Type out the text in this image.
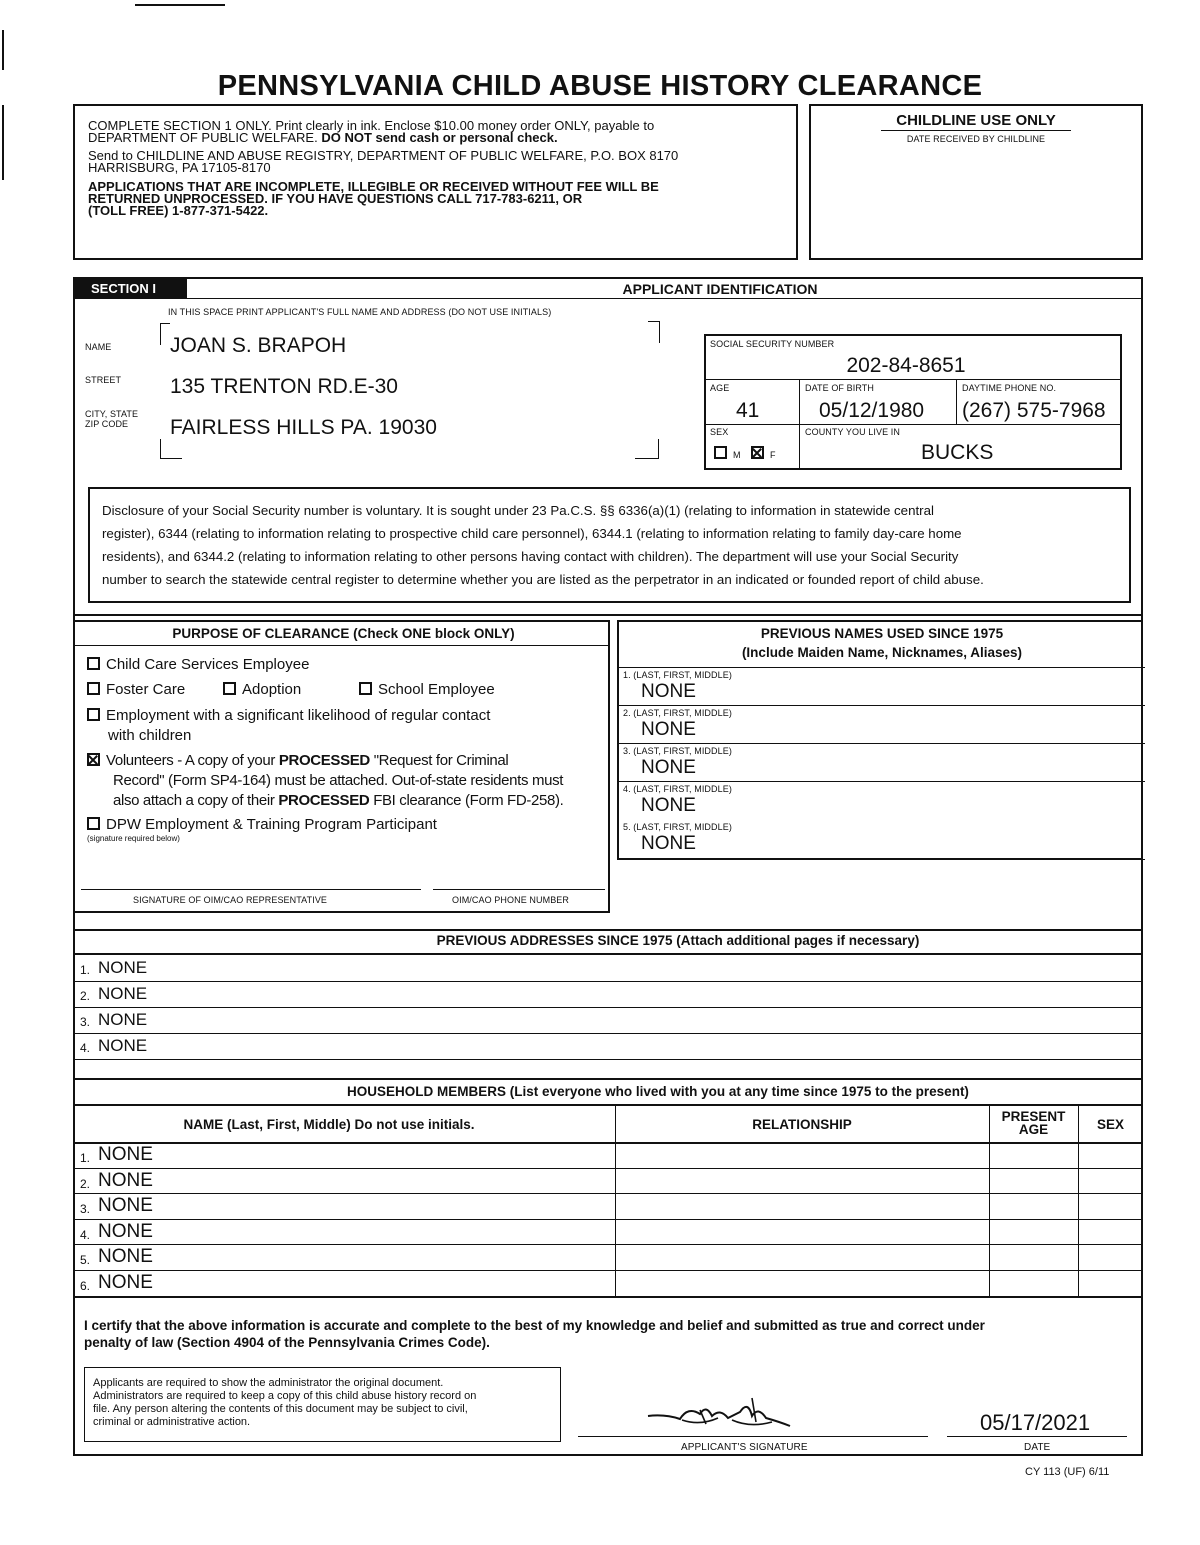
PENNSYLVANIA CHILD ABUSE HISTORY CLEARANCE
COMPLETE SECTION 1 ONLY. Print clearly in ink. Enclose $10.00 money order ONLY, payable to
DEPARTMENT OF PUBLIC WELFARE. DO NOT send cash or personal check.
Send to CHILDLINE AND ABUSE REGISTRY, DEPARTMENT OF PUBLIC WELFARE, P.O. BOX 8170
HARRISBURG, PA 17105-8170
APPLICATIONS THAT ARE INCOMPLETE, ILLEGIBLE OR RECEIVED WITHOUT FEE WILL BE
RETURNED UNPROCESSED. IF YOU HAVE QUESTIONS CALL 717-783-6211, OR
(TOLL FREE) 1-877-371-5422.
CHILDLINE USE ONLY
DATE RECEIVED BY CHILDLINE
SECTION I	APPLICANT IDENTIFICATION
IN THIS SPACE PRINT APPLICANT'S FULL NAME AND ADDRESS (DO NOT USE INITIALS)
NAME	JOAN S. BRAPOH
STREET 135 TRENTON RD.E-30
CITY, STATE
ZIP CODE FAIRLESS HILLS PA. 19030
SOCIAL SECURITY NUMBER
202-84-8651
AGE
41
DATE OF BIRTH
05/12/1980
DAYTIME PHONE NO.
(267) 575-7968
SEX
M	F
COUNTY YOU LIVE IN
BUCKS
Disclosure of your Social Security number is voluntary. It is sought under 23 Pa.C.S. §§ 6336(a)(1) (relating to information in statewide central
register), 6344 (relating to information relating to prospective child care personnel), 6344.1 (relating to information relating to family day-care home
residents), and 6344.2 (relating to information relating to other persons having contact with children). The department will use your Social Security
number to search the statewide central register to determine whether you are listed as the perpetrator in an indicated or founded report of child abuse.
PURPOSE OF CLEARANCE (Check ONE block ONLY)
Child Care Services Employee
Foster Care	Adoption	School Employee
Employment with a significant likelihood of regular contact
with children
Volunteers - A copy of your PROCESSED "Request for Criminal
Record" (Form SP4-164) must be attached. Out-of-state residents must
also attach a copy of their PROCESSED FBI clearance (Form FD-258).
DPW Employment & Training Program Participant
(signature required below)
SIGNATURE OF OIM/CAO REPRESENTATIVE	OIM/CAO PHONE NUMBER
PREVIOUS NAMES USED SINCE 1975
(Include Maiden Name, Nicknames, Aliases)
1. (LAST, FIRST, MIDDLE)
NONE
2. (LAST, FIRST, MIDDLE)
NONE
3. (LAST, FIRST, MIDDLE)
NONE
4. (LAST, FIRST, MIDDLE)
NONE
5. (LAST, FIRST, MIDDLE)
NONE
PREVIOUS ADDRESSES SINCE 1975 (Attach additional pages if necessary)
1. NONE
2. NONE
3. NONE
4. NONE
HOUSEHOLD MEMBERS (List everyone who lived with you at any time since 1975 to the present)
NAME (Last, First, Middle) Do not use initials.	RELATIONSHIP
PRESENT
AGE	SEX
1. NONE
2. NONE
3. NONE
4. NONE
5. NONE
6. NONE
I certify that the above information is accurate and complete to the best of my knowledge and belief and submitted as true and correct under
penalty of law (Section 4904 of the Pennsylvania Crimes Code).
Applicants are required to show the administrator the original document.
Administrators are required to keep a copy of this child abuse history record on
file. Any person altering the contents of this document may be subject to civil,
criminal or administrative action.
APPLICANT'S SIGNATURE
05/17/2021
DATE
CY 113 (UF) 6/11
